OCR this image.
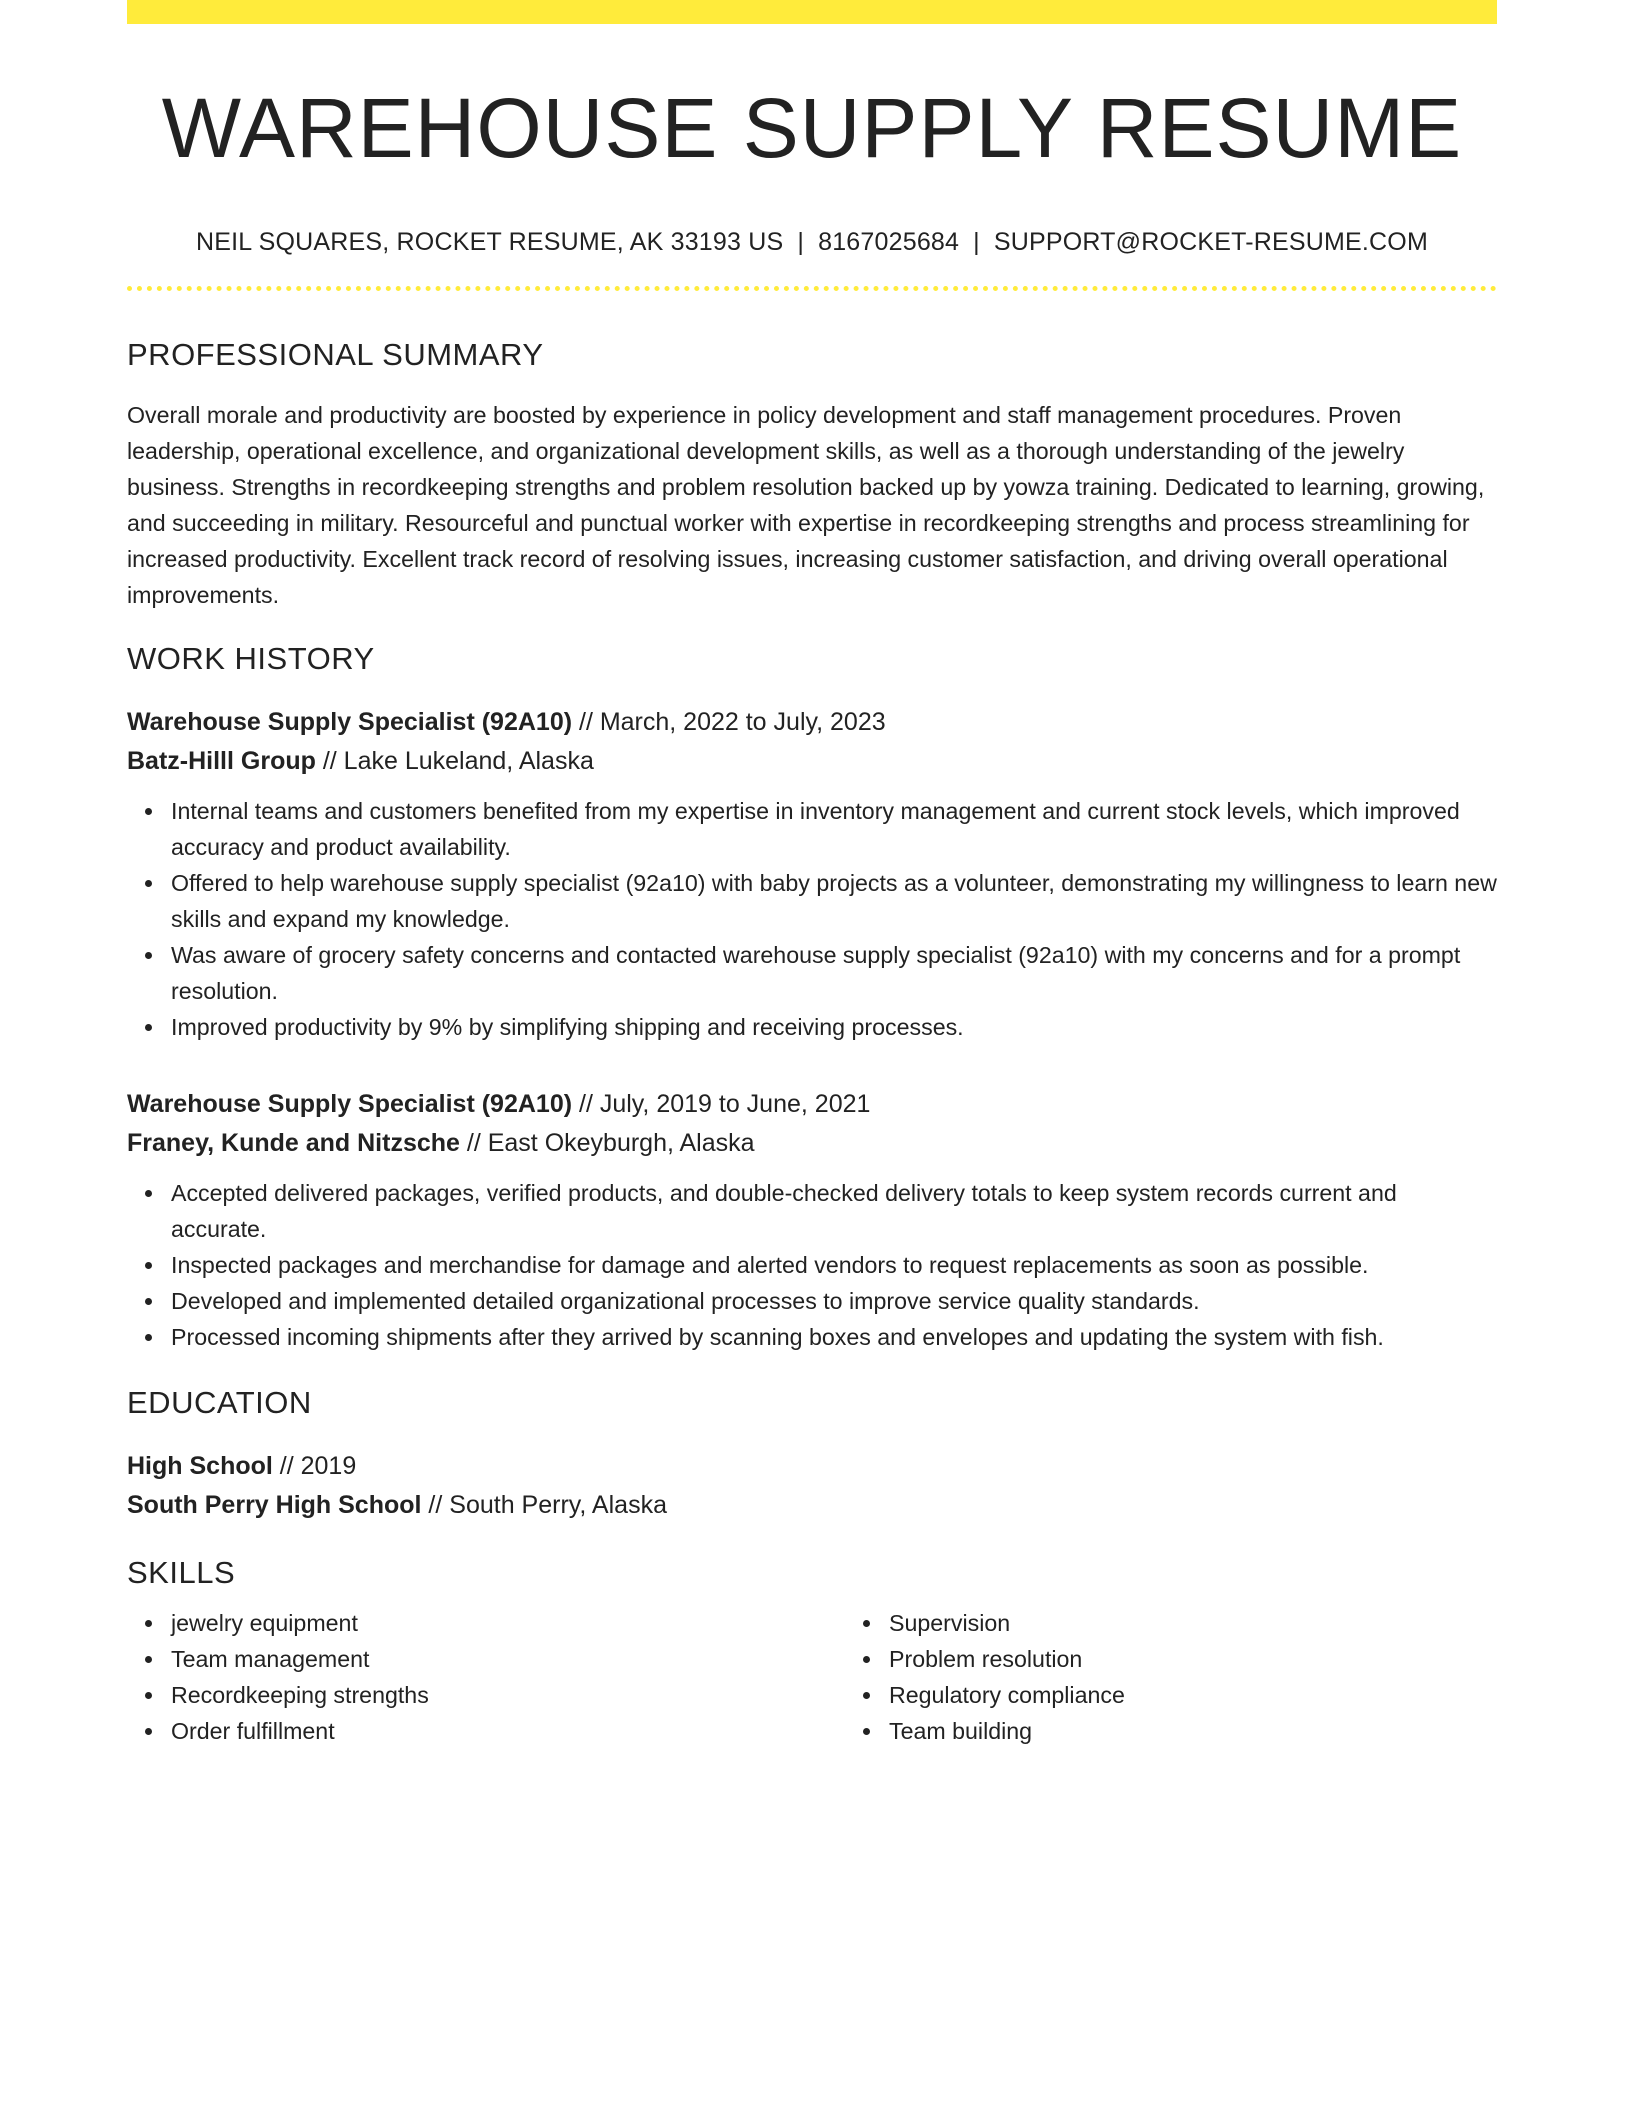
WAREHOUSE SUPPLY RESUME
NEIL SQUARES, ROCKET RESUME, AK 33193 US | 8167025684 | SUPPORT@ROCKET-RESUME.COM
PROFESSIONAL SUMMARY
Overall morale and productivity are boosted by experience in policy development and staff management procedures. Proven leadership, operational excellence, and organizational development skills, as well as a thorough understanding of the jewelry business. Strengths in recordkeeping strengths and problem resolution backed up by yowza training. Dedicated to learning, growing, and succeeding in military. Resourceful and punctual worker with expertise in recordkeeping strengths and process streamlining for increased productivity. Excellent track record of resolving issues, increasing customer satisfaction, and driving overall operational improvements.
WORK HISTORY
Warehouse Supply Specialist (92A10) // March, 2022 to July, 2023
Batz-Hilll Group // Lake Lukeland, Alaska
Internal teams and customers benefited from my expertise in inventory management and current stock levels, which improved accuracy and product availability.
Offered to help warehouse supply specialist (92a10) with baby projects as a volunteer, demonstrating my willingness to learn new skills and expand my knowledge.
Was aware of grocery safety concerns and contacted warehouse supply specialist (92a10) with my concerns and for a prompt resolution.
Improved productivity by 9% by simplifying shipping and receiving processes.
Warehouse Supply Specialist (92A10) // July, 2019 to June, 2021
Franey, Kunde and Nitzsche // East Okeyburgh, Alaska
Accepted delivered packages, verified products, and double-checked delivery totals to keep system records current and accurate.
Inspected packages and merchandise for damage and alerted vendors to request replacements as soon as possible.
Developed and implemented detailed organizational processes to improve service quality standards.
Processed incoming shipments after they arrived by scanning boxes and envelopes and updating the system with fish.
EDUCATION
High School // 2019
South Perry High School // South Perry, Alaska
SKILLS
jewelry equipment
Team management
Recordkeeping strengths
Order fulfillment
Supervision
Problem resolution
Regulatory compliance
Team building
